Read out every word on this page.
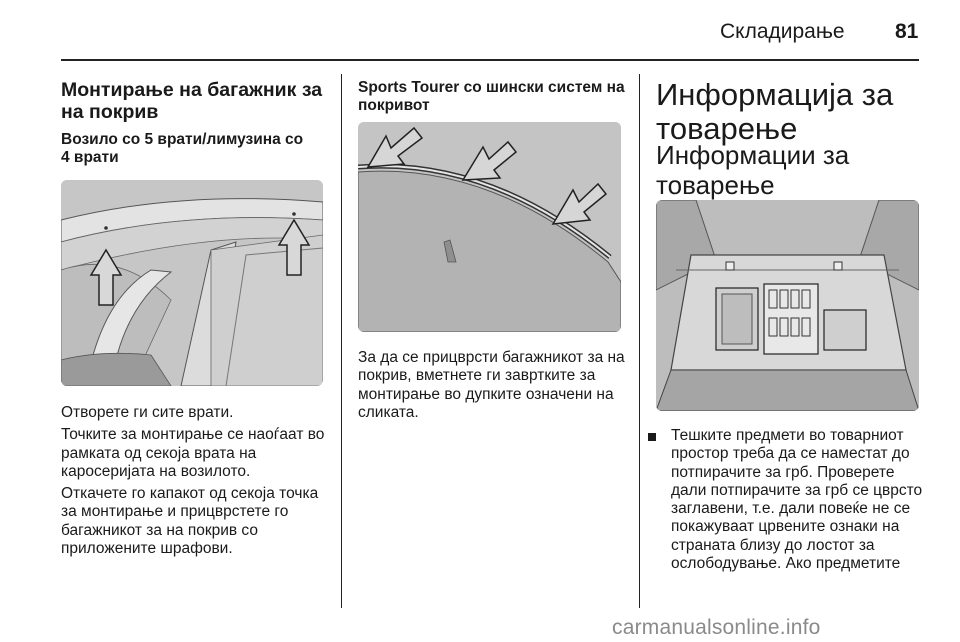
Складирање 81

Монтирање на багажник за на покрив

Возило со 5 врати/лимузина со 4 врати

Отворете ги сите врати.

Точките за монтирање се наоѓаат во рамката од секоја врата на каросеријата на возилото.

Откачете го капакот од секоја точка за монтирање и прицврстете го багажникот за на покрив со приложените шрафови.

Sports Tourer со шински систем на покривот

За да се прицврсти багажникот за на покрив, вметнете ги завртките за монтирање во дупките означени на сликата.

Информација за товарење
Информации за товарење
Тешките предмети во товарниот простор треба да се наместат до потпирачите за грб. Проверете дали потпирачите за грб се цврсто заглавени, т.е. дали повеќе не се покажуваат црвените ознаки на страната близу до лостот за ослободување. Ако предметите
carmanualsonline.info
